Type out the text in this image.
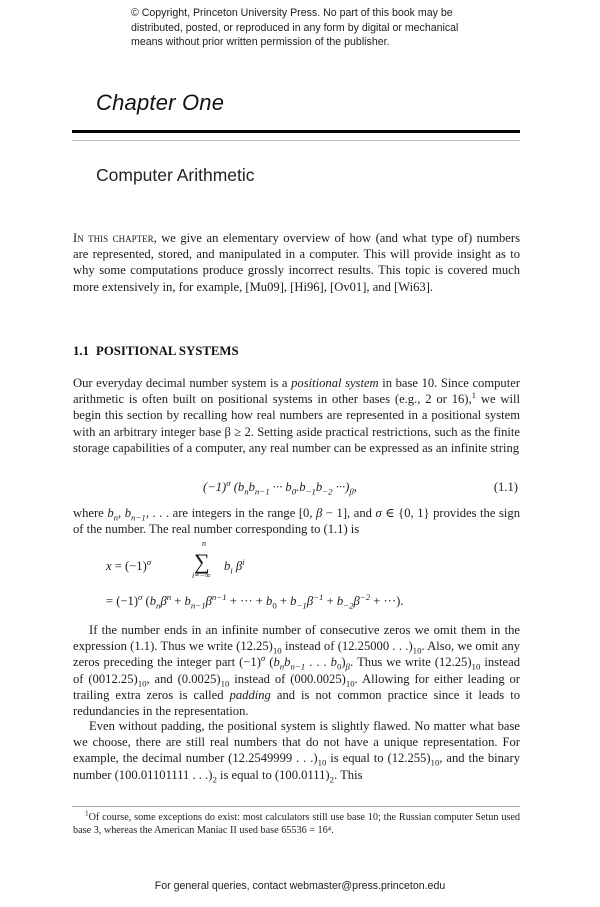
© Copyright, Princeton University Press. No part of this book may be distributed, posted, or reproduced in any form by digital or mechanical means without prior written permission of the publisher.
Chapter One
Computer Arithmetic
In this chapter, we give an elementary overview of how (and what type of) numbers are represented, stored, and manipulated in a computer. This will provide insight as to why some computations produce grossly incorrect results. This topic is covered much more extensively in, for example, [Mu09], [Hi96], [Ov01], and [Wi63].
1.1 POSITIONAL SYSTEMS
Our everyday decimal number system is a positional system in base 10. Since computer arithmetic is often built on positional systems in other bases (e.g., 2 or 16),$^1$ we will begin this section by recalling how real numbers are represented in a positional system with an arbitrary integer base β ≥ 2. Setting aside practical restrictions, such as the finite storage capabilities of a computer, any real number can be expressed as an infinite string
$(-1)^\sigma$ ($b_nb_{n-1}$ ··· $b_0.b_{-1}b_{-2} \cdot\cdot\cdot)_\beta$,	(1.1)
where $b_n$, $b_{n-1}$, . . . are integers in the range [0, β − 1], and σ ∈ {0, 1} provides the sign of the number. The real number corresponding to (1.1) is
$x = (-1)^\sigma$
n
∑
i=−∞
$b_i$ $\beta^i$
= $(-1)^\sigma$ ($b_n\beta^n + b_{n-1}\beta^{n-1}$ + ··· + $b_0 + b_{-1}\beta^{-1} + b_{-2}\beta^{-2}$ + ···).
If the number ends in an infinite number of consecutive zeros we omit them in the expression (1.1). Thus we write $(12.25)_{10}$ instead of (12.25000 . . $.)_{10}$. Also, we omit any zeros preceding the integer part $(-1)^\sigma$ ($b_nb_{n-1}$ . . . $b_0)_\beta$. Thus we write $(12.25)_{10}$ instead of $(0012.25)_{10}$, and $(0.0025)_{10}$ instead of $(000.0025)_{10}$. Allowing for either leading or trailing extra zeros is called padding and is not common practice since it leads to redundancies in the representation.
Even without padding, the positional system is slightly flawed. No matter what base we choose, there are still real numbers that do not have a unique representation. For example, the decimal number (12.2549999 . . $.)_{10}$ is equal to $(12.255)_{10}$, and the binary number (100.01101111 . . $.)_2$ is equal to $(100.0111)_2$. This
$^1$Of course, some exceptions do exist: most calculators still use base 10; the Russian computer Setun used base 3, whereas the American Maniac II used base 65536 = 16⁴.
For general queries, contact webmaster@press.princeton.edu
